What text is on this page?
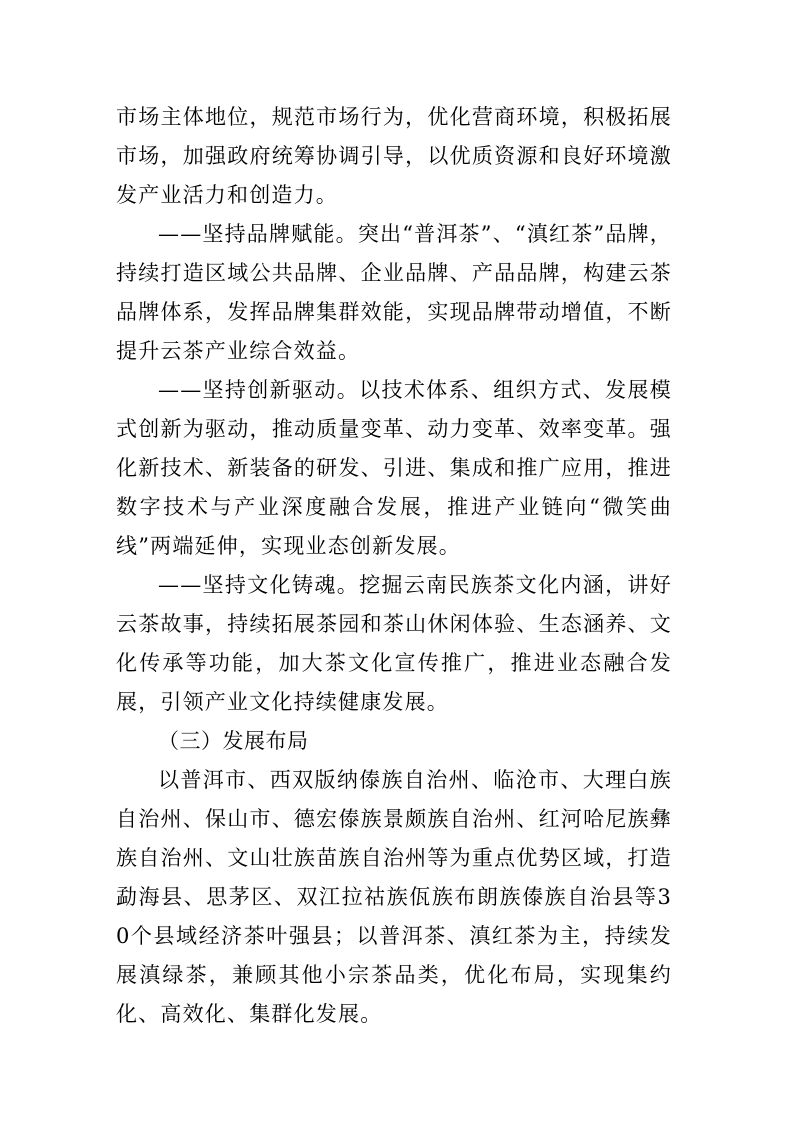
市场主体地位，规范市场行为，优化营商环境，积极拓展市场，加强政府统筹协调引导，以优质资源和良好环境激发产业活力和创造力。

——坚持品牌赋能。突出“普洱茶”、“滇红茶”品牌，持续打造区域公共品牌、企业品牌、产品品牌，构建云茶品牌体系，发挥品牌集群效能，实现品牌带动增值，不断提升云茶产业综合效益。

——坚持创新驱动。以技术体系、组织方式、发展模式创新为驱动，推动质量变革、动力变革、效率变革。强化新技术、新装备的研发、引进、集成和推广应用，推进数字技术与产业深度融合发展，推进产业链向“微笑曲线”两端延伸，实现业态创新发展。

——坚持文化铸魂。挖掘云南民族茶文化内涵，讲好云茶故事，持续拓展茶园和茶山休闲体验、生态涵养、文化传承等功能，加大茶文化宣传推广，推进业态融合发展，引领产业文化持续健康发展。

（三）发展布局

以普洱市、西双版纳傣族自治州、临沧市、大理白族自治州、保山市、德宏傣族景颇族自治州、红河哈尼族彝族自治州、文山壮族苗族自治州等为重点优势区域，打造勐海县、思茅区、双江拉祜族佤族布朗族傣族自治县等30个县域经济茶叶强县；以普洱茶、滇红茶为主，持续发展滇绿茶，兼顾其他小宗茶品类，优化布局，实现集约化、高效化、集群化发展。
